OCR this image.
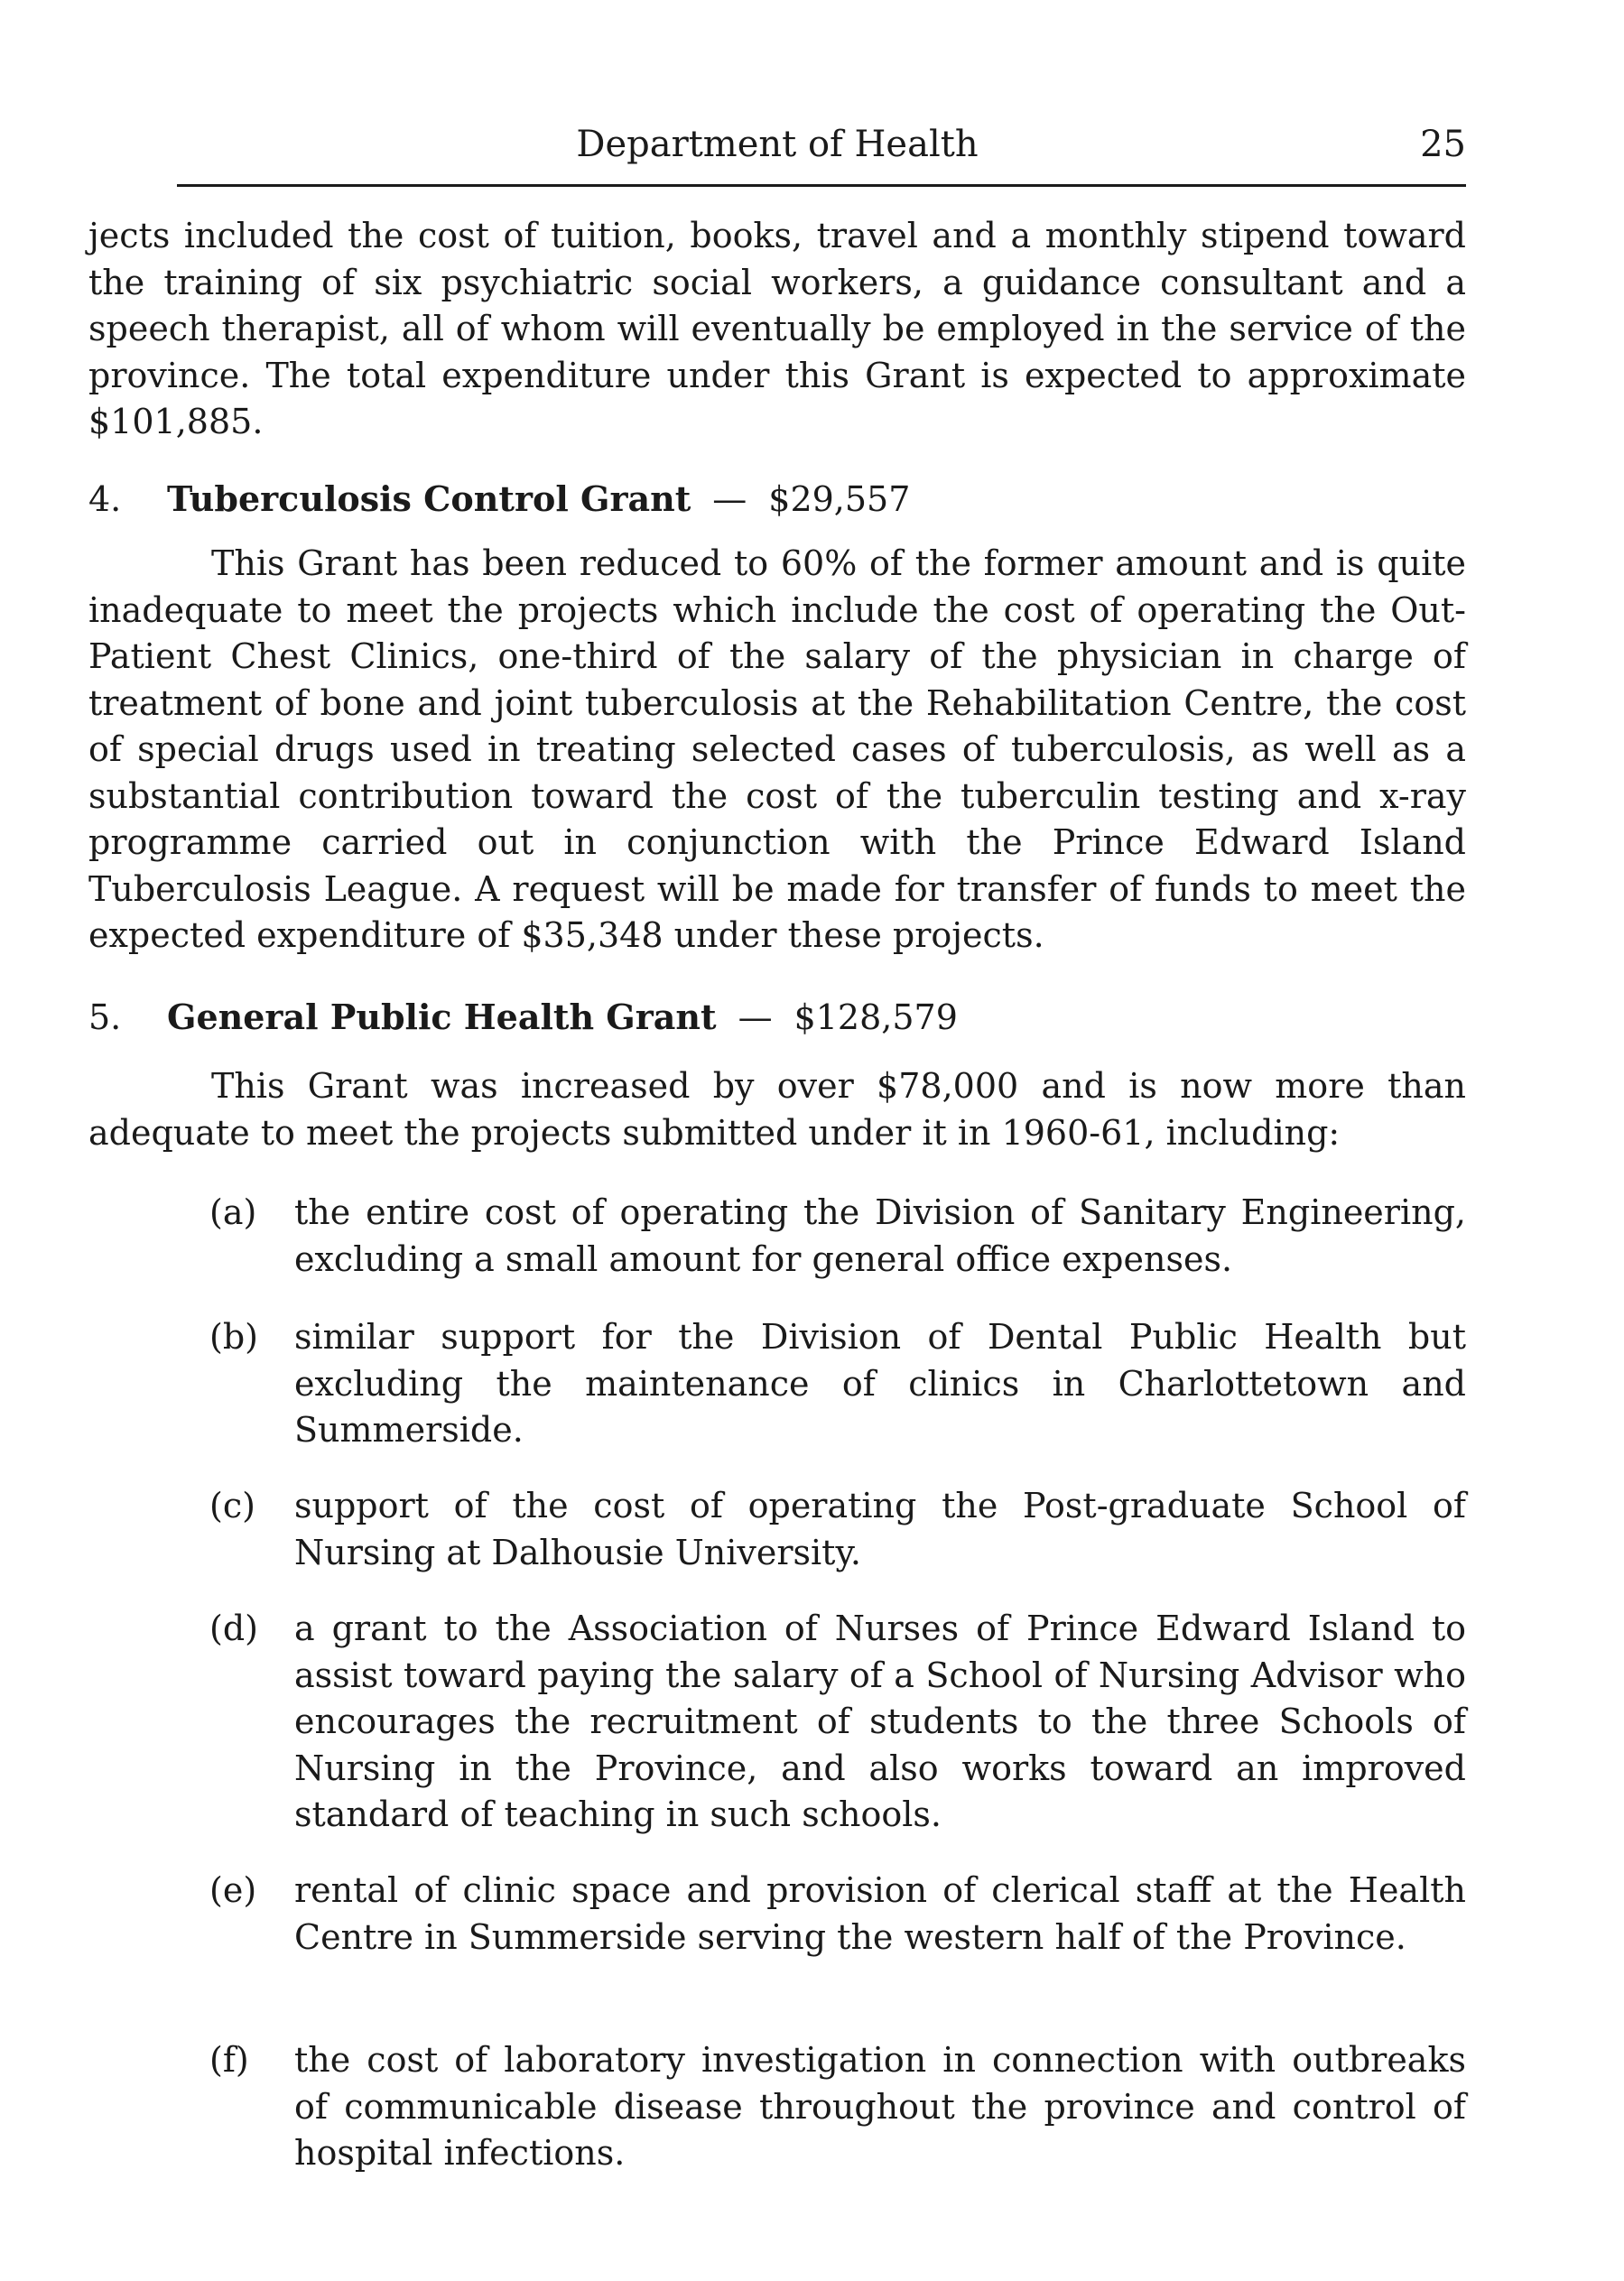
Department of Health	25

jects included the cost of tuition, books, travel and a monthly stipend toward the training of six psychiatric social workers, a guidance consultant and a speech therapist, all of whom will eventually be employed in the service of the province. The total expenditure under this Grant is expected to approximate $101,885.

4. Tuberculosis Control Grant — $29,557

This Grant has been reduced to 60% of the former amount and is quite inadequate to meet the projects which include the cost of operating the Out-Patient Chest Clinics, one-third of the salary of the physician in charge of treatment of bone and joint tuberculosis at the Rehabilitation Centre, the cost of special drugs used in treating selected cases of tuberculosis, as well as a substantial contribution toward the cost of the tuberculin testing and x-ray programme carried out in conjunction with the Prince Edward Island Tuberculosis League. A request will be made for transfer of funds to meet the expected expenditure of $35,348 under these projects.

5. General Public Health Grant — $128,579

This Grant was increased by over $78,000 and is now more than adequate to meet the projects submitted under it in 1960-61, including:

(a)	the entire cost of operating the Division of Sanitary Engineering, excluding a small amount for general office expenses.
(b)	similar support for the Division of Dental Public Health but excluding the maintenance of clinics in Charlottetown and Summerside.
(c)	support of the cost of operating the Post-graduate School of Nursing at Dalhousie University.
(d)	a grant to the Association of Nurses of Prince Edward Island to assist toward paying the salary of a School of Nursing Advisor who encourages the recruitment of students to the three Schools of Nursing in the Province, and also works toward an improved standard of teaching in such schools.
(e)	rental of clinic space and provision of clerical staff at the Health Centre in Summerside serving the western half of the Province.
(f)	the cost of laboratory investigation in connection with outbreaks of communicable disease throughout the province and control of hospital infections.
